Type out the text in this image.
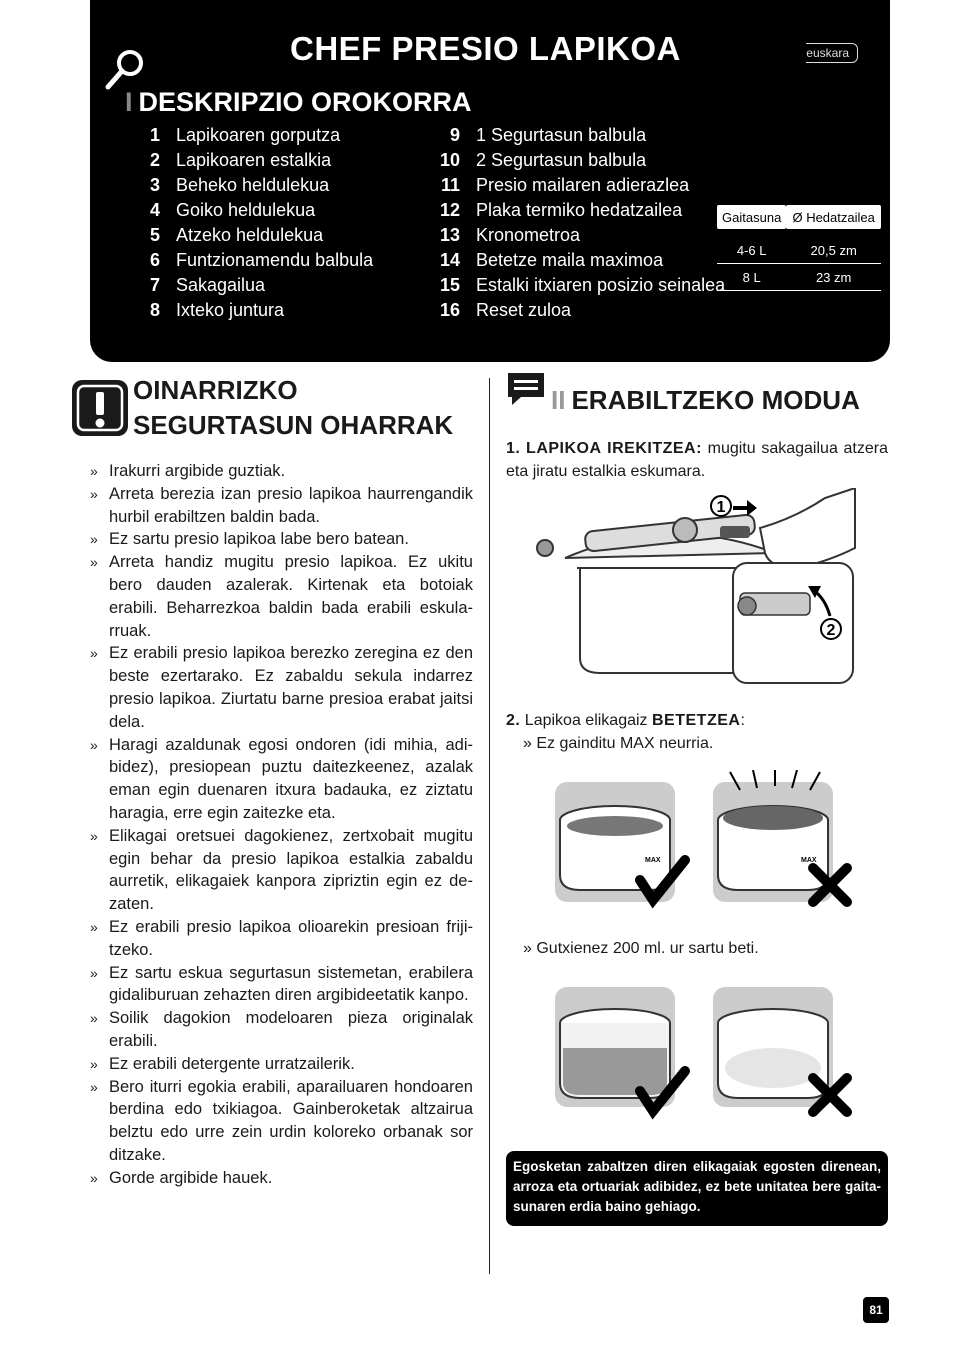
CHEF PRESIO LAPIKOA	euskara
I DESKRIPZIO OROKORRA
1 Lapikoaren gorputza
2 Lapikoaren estalkia
3 Beheko heldulekua
4 Goiko heldulekua
5 Atzeko heldulekua
6 Funtzionamendu balbula
7 Sakagailua
8 Ixteko juntura
9 1 Segurtasun balbula
10 2 Segurtasun balbula
11 Presio mailaren adierazlea
12 Plaka termiko hedatzailea
13 Kronometroa
14 Betetze maila maximoa
15 Estalki itxiaren posizio seinalea
16 Reset zuloa
Gaitasuna	Ø Hedatzailea

4-6 L	20,5 zm
8 L	23 zm
OINARRIZKO
SEGURTASUN OHARRAK
» Irakurri argibide guztiak.
» Arreta berezia izan presio lapikoa haurrengandik hurbil erabiltzen baldin bada.
» Ez sartu presio lapikoa labe bero batean.
» Arreta handiz mugitu presio lapikoa. Ez ukitu bero dauden azalerak. Kirtenak eta botoiak erabili. Beharrezkoa baldin bada erabili eskularruak.
» Ez erabili presio lapikoa berezko zeregina ez den beste ezertarako. Ez zabaldu sekula indarrez presio lapikoa. Ziurtatu barne presioa erabat jaitsi dela.
» Haragi azaldunak egosi ondoren (idi mihia, adibidez), presiopean puztu daitezkeenez, azalak eman egin duenaren itxura badauka, ez ziztatu haragia, erre egin zaitezke eta.
» Elikagai oretsuei dagokienez, zertxobait mugitu egin behar da presio lapikoa estalkia zabaldu aurretik, elikagaiek kanpora zipriztin egin ez dezaten.
» Ez erabili presio lapikoa olioarekin presioan frijitzeko.
» Ez sartu eskua segurtasun sistemetan, erabilera gidaliburuan zehazten diren argibideetatik kanpo.
» Soilik dagokion modeloaren pieza originalak erabili.
» Ez erabili detergente urratzailerik.
» Bero iturri egokia erabili, aparailuaren hondoaren berdina edo txikiagoa. Gainberoketak altzairua belztu edo urre zein urdin koloreko orbanak sor ditzake.
» Gorde argibide hauek.
II ERABILTZEKO MODUA
1. LAPIKOA IREKITZEA: mugitu sakagailua atzera eta jiratu estalkia eskumara.
1
2
2. Lapikoa elikagaiz BETETZEA:
» Ez gainditu MAX neurria.
MAX	MAX
» Gutxienez 200 ml. ur sartu beti.
Egosketan zabaltzen diren elikagaiak egosten direnean, arroza eta ortuariak adibidez, ez bete unitatea bere gaitasunaren erdia baino gehiago.
81
